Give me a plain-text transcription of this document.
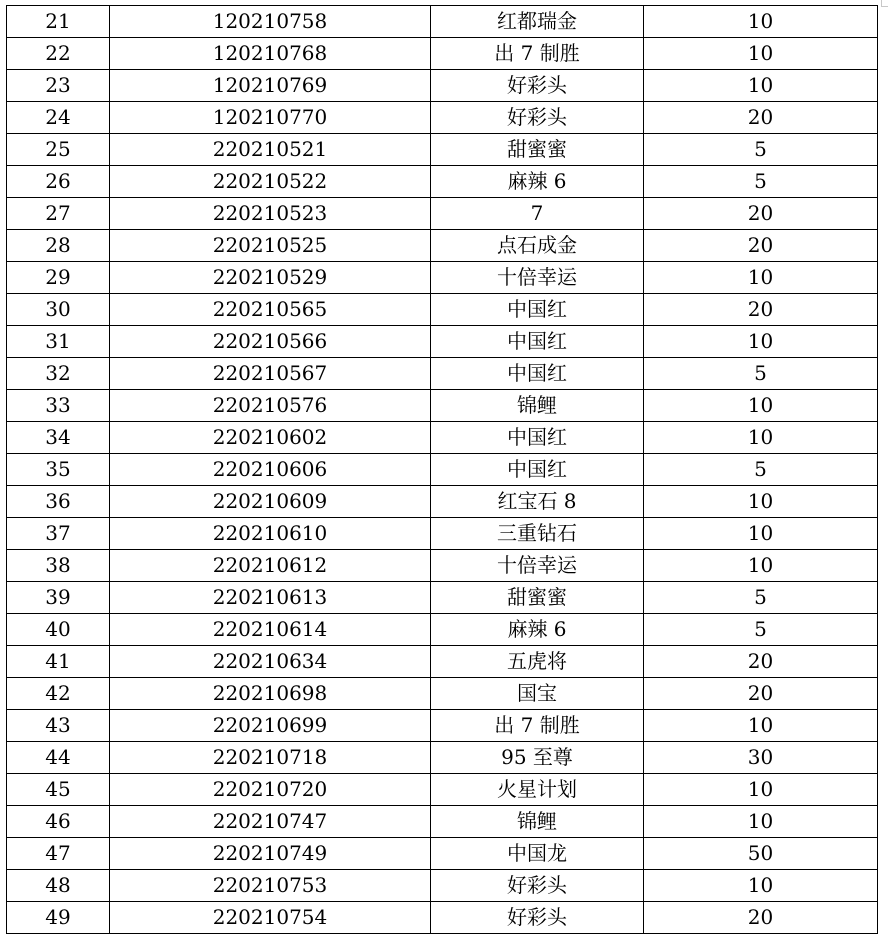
21	120210758	红都瑞金	10
22	120210768	出 7 制胜	10
23	120210769	好彩头	10
24	120210770	好彩头	20
25	220210521	甜蜜蜜	5
26	220210522	麻辣 6	5
27	220210523	7	20
28	220210525	点石成金	20
29	220210529	十倍幸运	10
30	220210565	中国红	20
31	220210566	中国红	10
32	220210567	中国红	5
33	220210576	锦鲤	10
34	220210602	中国红	10
35	220210606	中国红	5
36	220210609	红宝石 8	10
37	220210610	三重钻石	10
38	220210612	十倍幸运	10
39	220210613	甜蜜蜜	5
40	220210614	麻辣 6	5
41	220210634	五虎将	20
42	220210698	国宝	20
43	220210699	出 7 制胜	10
44	220210718	95 至尊	30
45	220210720	火星计划	10
46	220210747	锦鲤	10
47	220210749	中国龙	50
48	220210753	好彩头	10
49	220210754	好彩头	20
